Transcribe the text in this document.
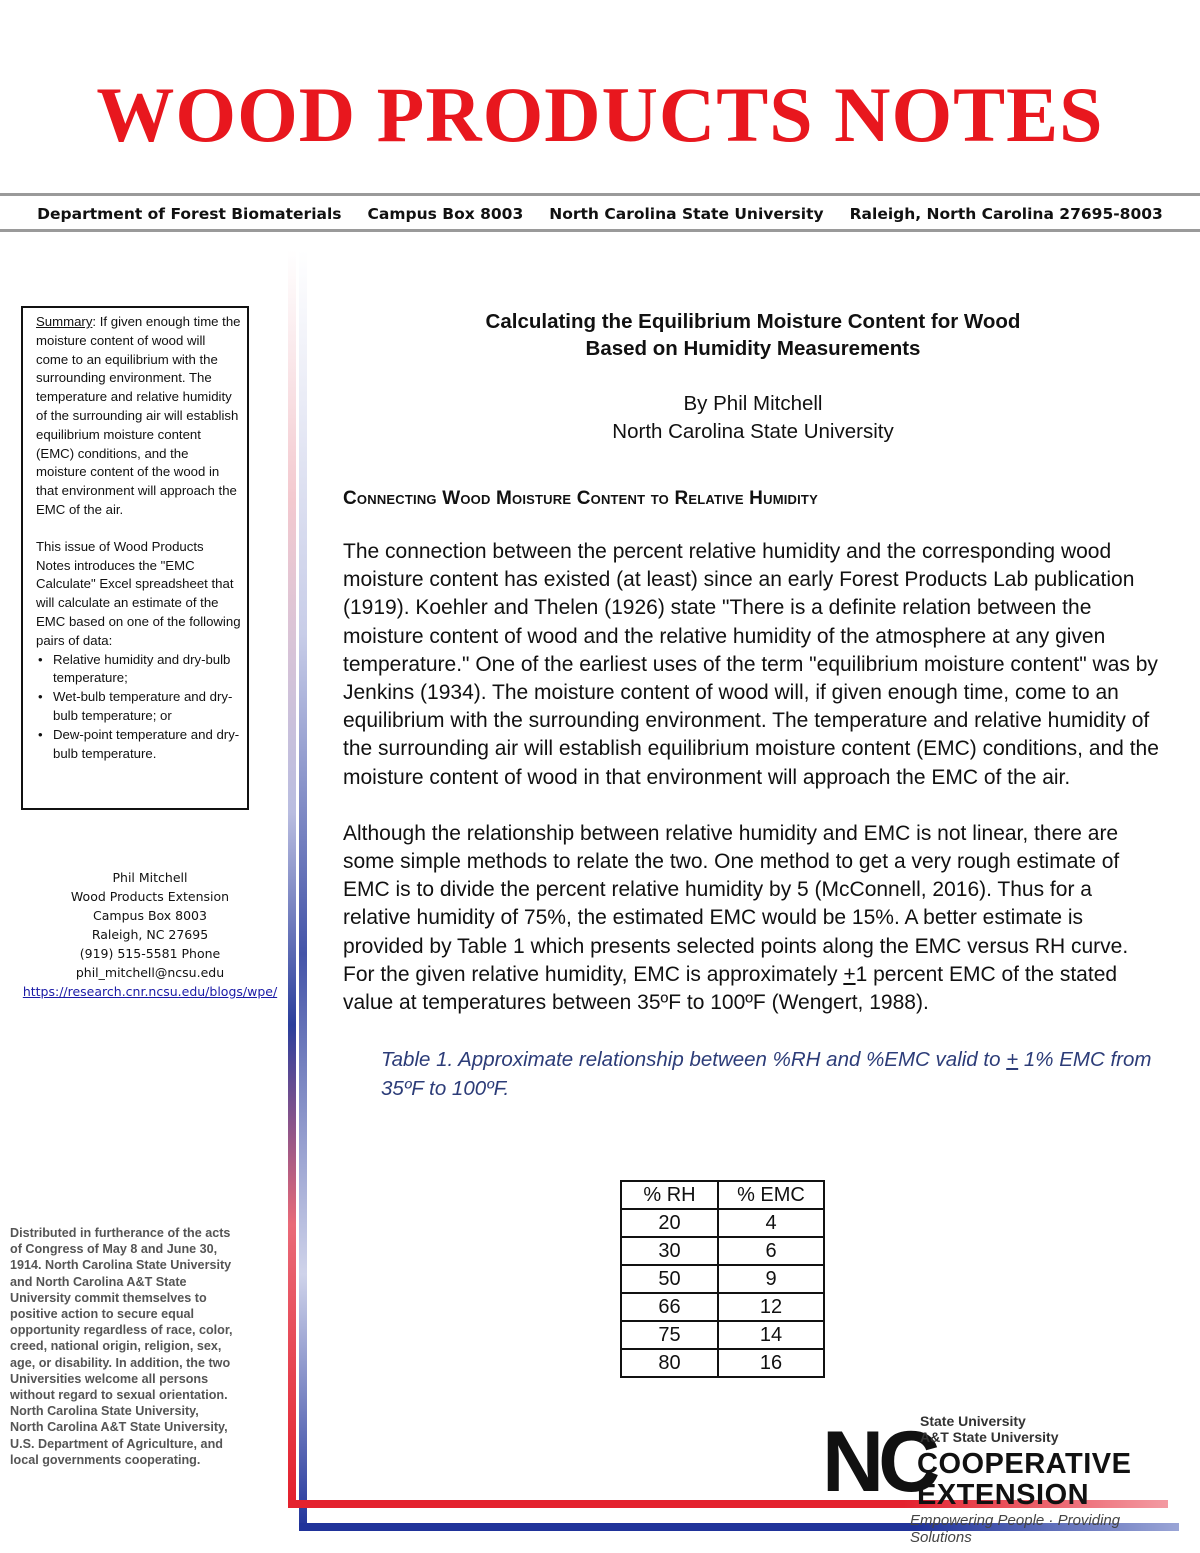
WOOD PRODUCTS NOTES
Department of Forest Biomaterials Campus Box 8003 North Carolina State University Raleigh, North Carolina 27695-8003

Summary: If given enough time the moisture content of wood will come to an equilibrium with the surrounding environment. The temperature and relative humidity of the surrounding air will establish equilibrium moisture content (EMC) conditions, and the moisture content of the wood in that environment will approach the EMC of the air.

This issue of Wood Products Notes introduces the "EMC Calculate" Excel spreadsheet that will calculate an estimate of the EMC based on one of the following pairs of data:

• Relative humidity and dry-bulb temperature;
• Wet-bulb temperature and dry-bulb temperature; or
• Dew-point temperature and dry-bulb temperature.
Phil Mitchell
Wood Products Extension
Campus Box 8003
Raleigh, NC 27695
(919) 515-5581 Phone
phil_mitchell@ncsu.edu
https://research.cnr.ncsu.edu/blogs/wpe/
Distributed in furtherance of the acts of Congress of May 8 and June 30, 1914. North Carolina State University and North Carolina A&T State University commit themselves to positive action to secure equal opportunity regardless of race, color, creed, national origin, religion, sex, age, or disability. In addition, the two Universities welcome all persons without regard to sexual orientation. North Carolina State University, North Carolina A&T State University, U.S. Department of Agriculture, and local governments cooperating.
Calculating the Equilibrium Moisture Content for Wood
Based on Humidity Measurements
By Phil Mitchell
North Carolina State University
Connecting Wood Moisture Content to Relative Humidity

The connection between the percent relative humidity and the corresponding wood moisture content has existed (at least) since an early Forest Products Lab publication (1919). Koehler and Thelen (1926) state "There is a definite relation between the moisture content of wood and the relative humidity of the atmosphere at any given temperature." One of the earliest uses of the term "equilibrium moisture content" was by Jenkins (1934). The moisture content of wood will, if given enough time, come to an equilibrium with the surrounding environment. The temperature and relative humidity of the surrounding air will establish equilibrium moisture content (EMC) conditions, and the moisture content of wood in that environment will approach the EMC of the air.

Although the relationship between relative humidity and EMC is not linear, there are some simple methods to relate the two. One method to get a very rough estimate of EMC is to divide the percent relative humidity by 5 (McConnell, 2016). Thus for a relative humidity of 75%, the estimated EMC would be 15%. A better estimate is provided by Table 1 which presents selected points along the EMC versus RH curve. For the given relative humidity, EMC is approximately +1 percent EMC of the stated value at temperatures between 35ºF to 100ºF (Wengert, 1988).

Table 1. Approximate relationship between %RH and %EMC valid to + 1% EMC from 35ºF to 100ºF.
% RH	% EMC
20	4
30	6
50	9
66	12
75	14
80	16
NC
State University
A&T State University
COOPERATIVE
EXTENSION
Empowering People · Providing Solutions
